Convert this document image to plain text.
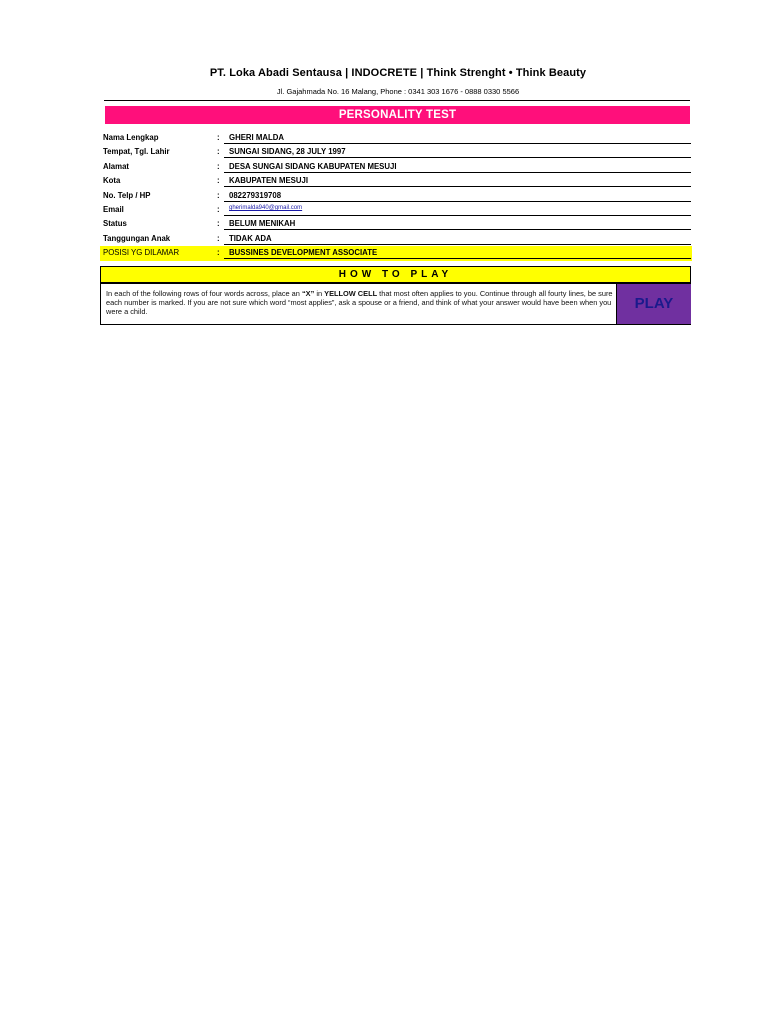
PT. Loka Abadi Sentausa | INDOCRETE | Think Strenght • Think Beauty
Jl. Gajahmada No. 16 Malang, Phone : 0341 303 1676 - 0888 0330 5566
PERSONALITY TEST
Nama Lengkap	:	GHERI MALDA
Tempat, Tgl. Lahir	:	SUNGAI SIDANG, 28 JULY 1997
Alamat	:	DESA SUNGAI SIDANG KABUPATEN MESUJI
Kota	:	KABUPATEN MESUJI
No. Telp / HP	:	082279319708
Email	:	gherimalda940@gmail.com
Status	:	BELUM MENIKAH
Tanggungan Anak	:	TIDAK ADA
POSISI YG DILAMAR	:	BUSSINES DEVELOPMENT ASSOCIATE
HOW TO PLAY
In each of the following rows of four words across, place an “X” in YELLOW CELL that most often applies to you. Continue through all fourty lines, be sure each number is marked. If you are not sure which word “most applies”, ask a spouse or a friend, and think of what your answer would have been when you were a child.	PLAY
